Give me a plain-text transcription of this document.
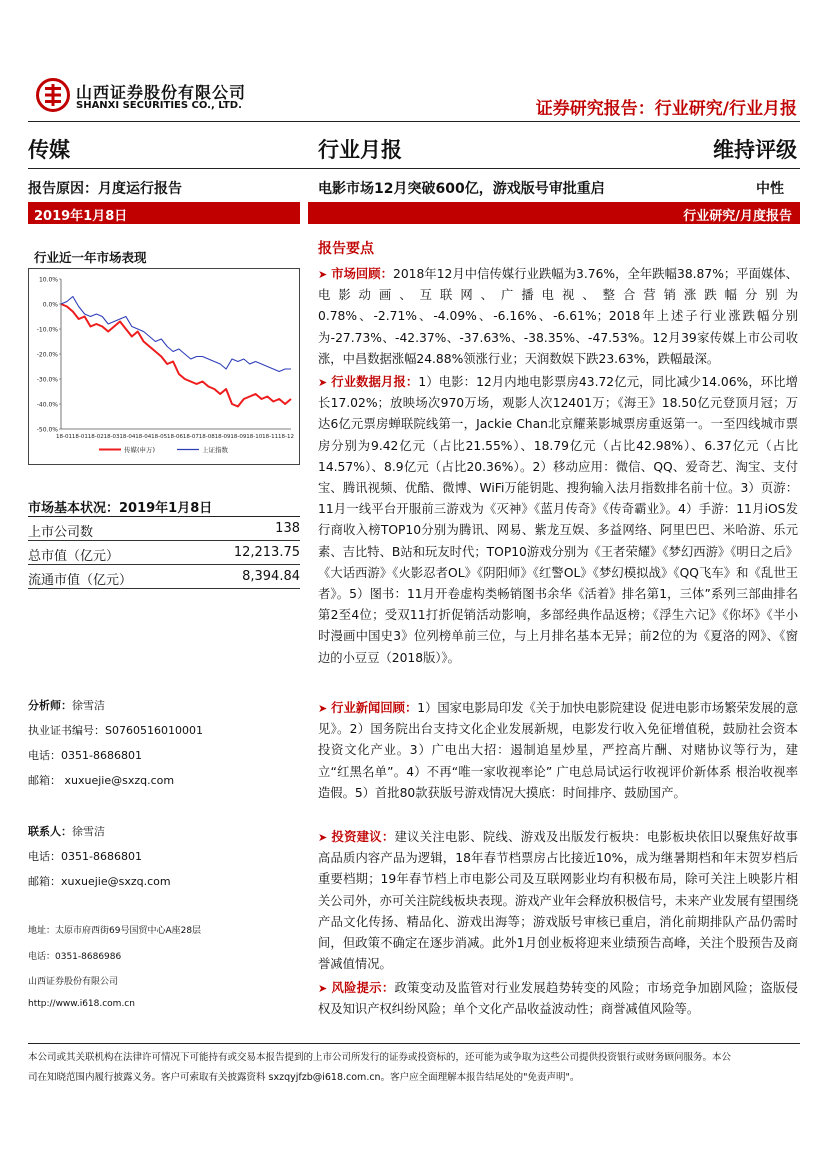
山西证券股份有限公司
SHANXI SECURITIES CO., LTD.	证券研究报告：行业研究/行业月报
传媒	行业月报	维持评级
报告原因：月度运行报告	电影市场12月突破600亿，游戏版号审批重启	中性
2019年1月8日	行业研究/月度报告
行业近一年市场表现
10.0%
0.0%
-10.0%
-20.0%
-30.0%
-40.0%
-50.0%
18-01 18-01 18-02 18-03 18-04 18-04 18-05 18-06 18-07 18-08 18-09 18-09 18-10 18-11 18-12
传媒(申万)	上证指数
市场基本状况：2019年1月8日
上市公司数	138
总市值（亿元）	12,213.75
流通市值（亿元）	8,394.84
分析师：徐雪洁
执业证书编号：S0760516010001
电话：0351-8686801
邮箱： xuxuejie@sxzq.com
联系人：徐雪洁
电话：0351-8686801
邮箱：xuxuejie@sxzq.com
地址：太原市府西街69号国贸中心A座28层
电话：0351-8686986
山西证券股份有限公司
http://www.i618.com.cn
报告要点
➤ 市场回顾：2018年12月中信传媒行业跌幅为3.76%，全年跌幅38.87%；平面媒体、电影动画、互联网、广播电视、整合营销涨跌幅分别为0.78%、-2.71%、-4.09%、-6.16%、-6.61%；2018年上述子行业涨跌幅分别为-27.73%、-42.37%、-37.63%、-38.35%、-47.53%。12月39家传媒上市公司收涨，中昌数据涨幅24.88%领涨行业；天润数娱下跌23.63%，跌幅最深。
➤ 行业数据月报：1）电影：12月内地电影票房43.72亿元，同比减少14.06%，环比增长17.02%；放映场次970万场，观影人次12401万；《海王》18.50亿元登顶月冠；万达6亿元票房蝉联院线第一，Jackie Chan北京耀莱影城票房重返第一。一至四线城市票房分别为9.42亿元（占比21.55%）、18.79亿元（占比42.98%）、6.37亿元（占比14.57%）、8.9亿元（占比20.36%）。2）移动应用：微信、QQ、爱奇艺、淘宝、支付宝、腾讯视频、优酷、微博、WiFi万能钥匙、搜狗输入法月指数排名前十位。3）页游：11月一线平台开服前三游戏为《灭神》《蓝月传奇》《传奇霸业》。4）手游：11月iOS发行商收入榜TOP10分别为腾讯、网易、紫龙互娱、多益网络、阿里巴巴、米哈游、乐元素、吉比特、B站和玩友时代；TOP10游戏分别为《王者荣耀》《梦幻西游》《明日之后》《大话西游》《火影忍者OL》《阴阳师》《红警OL》《梦幻模拟战》《QQ飞车》和《乱世王者》。5）图书：11月开卷虚构类畅销图书余华《活着》排名第1，三体”系列三部曲排名第2至4位；受双11打折促销活动影响，多部经典作品返榜；《浮生六记》《你坏》《半小时漫画中国史3》位列榜单前三位，与上月排名基本无异；前2位的为《夏洛的网》、《窗边的小豆豆（2018版）》。
➤ 行业新闻回顾：1）国家电影局印发《关于加快电影院建设 促进电影市场繁荣发展的意见》。2）国务院出台支持文化企业发展新规，电影发行收入免征增值税，鼓励社会资本投资文化产业。3）广电出大招：遏制追星炒星，严控高片酬、对赌协议等行为，建立“红黑名单”。4）不再“唯一家收视率论” 广电总局试运行收视评价新体系 根治收视率造假。5）首批80款获版号游戏情况大摸底：时间排序、鼓励国产。
➤ 投资建议：建议关注电影、院线、游戏及出版发行板块：电影板块依旧以聚焦好故事高品质内容产品为逻辑，18年春节档票房占比接近10%，成为继暑期档和年末贺岁档后重要档期；19年春节档上市电影公司及互联网影业均有积极布局，除可关注上映影片相关公司外，亦可关注院线板块表现。游戏产业年会释放积极信号，未来产业发展有望围绕产品文化传扬、精品化、游戏出海等；游戏版号审核已重启，消化前期排队产品仍需时间，但政策不确定在逐步消减。此外1月创业板将迎来业绩预告高峰，关注个股预告及商誉减值情况。
➤ 风险提示：政策变动及监管对行业发展趋势转变的风险；市场竞争加剧风险；盗版侵权及知识产权纠纷风险；单个文化产品收益波动性；商誉减值风险等。
本公司或其关联机构在法律许可情况下可能持有或交易本报告提到的上市公司所发行的证券或投资标的，还可能为或争取为这些公司提供投资银行或财务顾问服务。本公
司在知晓范围内履行披露义务。客户可索取有关披露资料 sxzqyjfzb@i618.com.cn。客户应全面理解本报告结尾处的"免责声明"。
